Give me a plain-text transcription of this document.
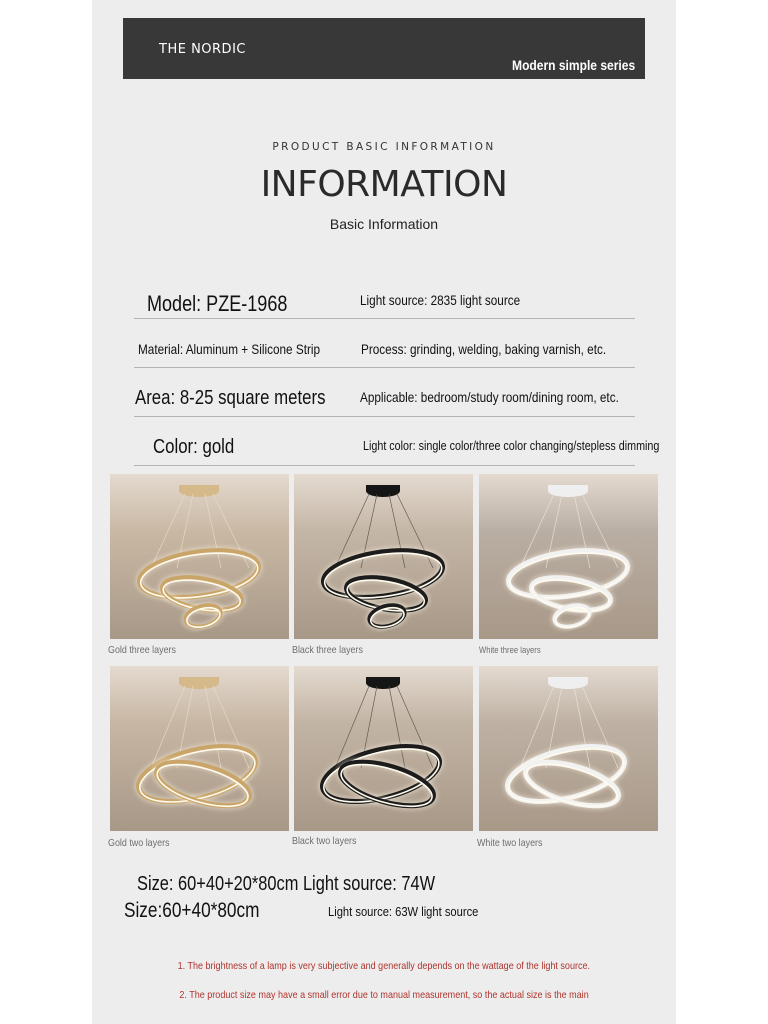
THE NORDIC
Modern simple series
PRODUCT BASIC INFORMATION
INFORMATION
Basic Information
Model: PZE-1968	Light source: 2835 light source
Material: Aluminum + Silicone Strip	Process: grinding, welding, baking varnish, etc.
Area: 8-25 square meters Applicable: bedroom/study room/dining room, etc.
Color: gold	Light color: single color/three color changing/stepless dimming
Gold three layers	Black three layers	White three layers
Gold two layers	Black two layers	White two layers
Size: 60+40+20*80cm Light source: 74W
Size:60+40*80cm	Light source: 63W light source
1. The brightness of a lamp is very subjective and generally depends on the wattage of the light source.
2. The product size may have a small error due to manual measurement, so the actual size is the main
